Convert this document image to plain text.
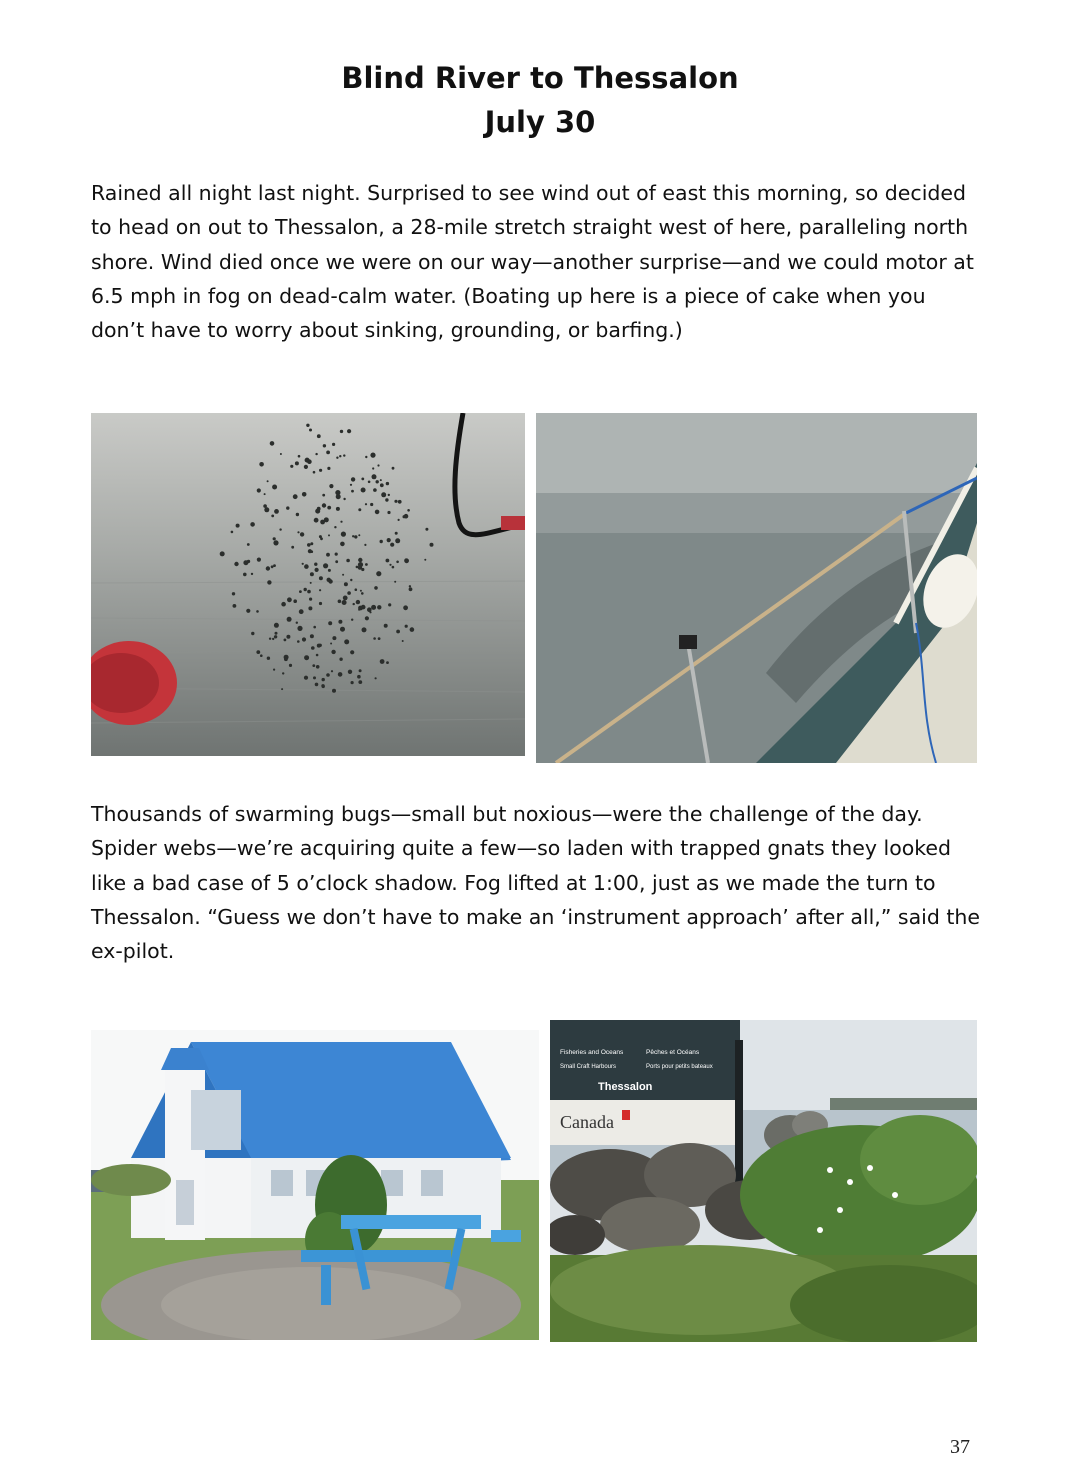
Blind River to Thessalon
July 30
Rained all night last night. Surprised to see wind out of east this morning, so decided to head on out to Thessalon, a 28-mile stretch straight west of here, paralleling north shore. Wind died once we were on our way—another surprise—and we could motor at 6.5 mph in fog on dead-calm water. (Boating up here is a piece of cake when you don’t have to worry about sinking, grounding, or barfing.)
Thousands of swarming bugs—small but noxious—were the challenge of the day. Spider webs—we’re acquiring quite a few—so laden with trapped gnats they looked like a bad case of 5 o’clock shadow. Fog lifted at 1:00, just as we made the turn to Thessalon. “Guess we don’t have to make an ‘instrument approach’ after all,” said the ex-pilot.
Fisheries and Oceans	Pêches et Océans
Small Craft Harbours	Ports pour petits bateaux
Thessalon
Canada
37
